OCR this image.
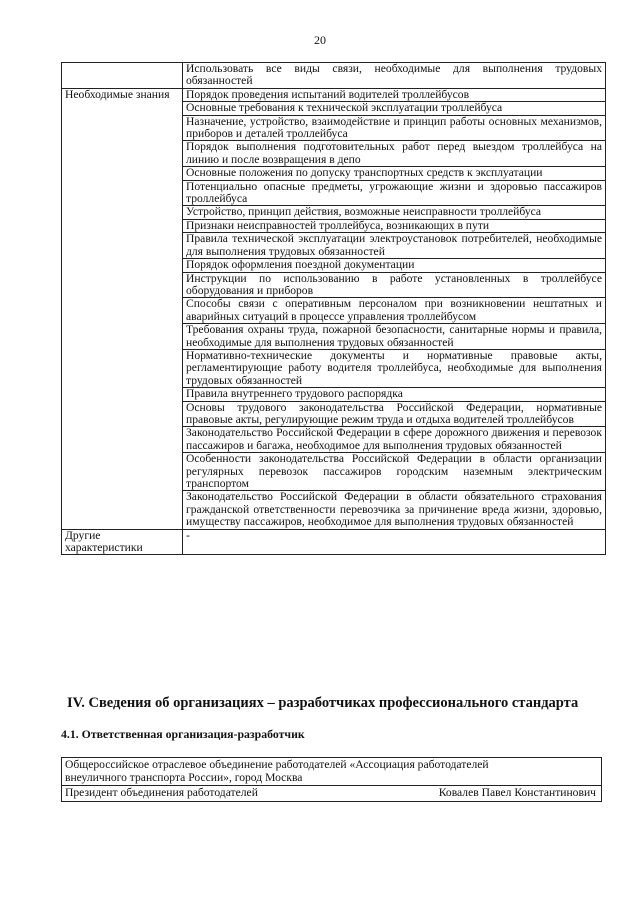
20
	Использовать все виды связи, необходимые для выполнения трудовых обязанностей
Необходимые знания	Порядок проведения испытаний водителей троллейбусов
	Основные требования к технической эксплуатации троллейбуса
	Назначение, устройство, взаимодействие и принцип работы основных механизмов, приборов и деталей троллейбуса
	Порядок выполнения подготовительных работ перед выездом троллейбуса на линию и после возвращения в депо
	Основные положения по допуску транспортных средств к эксплуатации
	Потенциально опасные предметы, угрожающие жизни и здоровью пассажиров троллейбуса
	Устройство, принцип действия, возможные неисправности троллейбуса
	Признаки неисправностей троллейбуса, возникающих в пути
	Правила технической эксплуатации электроустановок потребителей, необходимые для выполнения трудовых обязанностей
	Порядок оформления поездной документации
	Инструкции по использованию в работе установленных в троллейбусе оборудования и приборов
	Способы связи с оперативным персоналом при возникновении нештатных и аварийных ситуаций в процессе управления троллейбусом
	Требования охраны труда, пожарной безопасности, санитарные нормы и правила, необходимые для выполнения трудовых обязанностей
	Нормативно-технические документы и нормативные правовые акты, регламентирующие работу водителя троллейбуса, необходимые для выполнения трудовых обязанностей
	Правила внутреннего трудового распорядка
	Основы трудового законодательства Российской Федерации, нормативные правовые акты, регулирующие режим труда и отдыха водителей троллейбусов
	Законодательство Российской Федерации в сфере дорожного движения и перевозок пассажиров и багажа, необходимое для выполнения трудовых обязанностей
	Особенности законодательства Российской Федерации в области организации регулярных перевозок пассажиров городским наземным электрическим транспортом
	Законодательство Российской Федерации в области обязательного страхования гражданской ответственности перевозчика за причинение вреда жизни, здоровью, имуществу пассажиров, необходимое для выполнения трудовых обязанностей
Другие характеристики	-
IV. Сведения об организациях – разработчиках профессионального стандарта
4.1. Ответственная организация-разработчик
Общероссийское отраслевое объединение работодателей «Ассоциация работодателей внеуличного транспорта России», город Москва

Президент объединения работодателей	Ковалев Павел Константинович
